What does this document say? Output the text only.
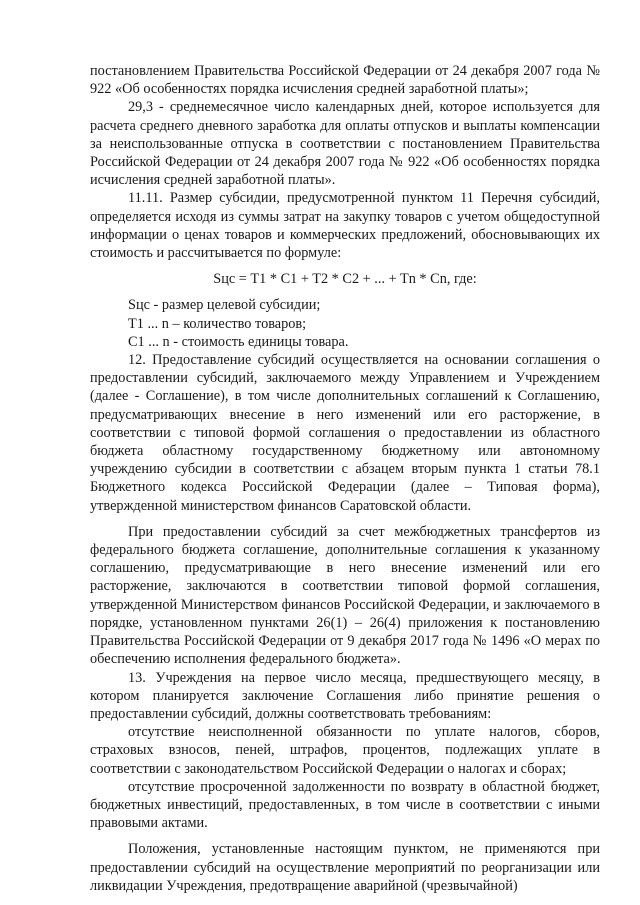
постановлением Правительства Российской Федерации от 24 декабря 2007 года № 922 «Об особенностях порядка исчисления средней заработной платы»;

29,3 - среднемесячное число календарных дней, которое используется для расчета среднего дневного заработка для оплаты отпусков и выплаты компенсации за неиспользованные отпуска в соответствии с постановлением Правительства Российской Федерации от 24 декабря 2007 года № 922 «Об особенностях порядка исчисления средней заработной платы».

11.11. Размер субсидии, предусмотренной пунктом 11 Перечня субсидий, определяется исходя из суммы затрат на закупку товаров с учетом общедоступной информации о ценах товаров и коммерческих предложений, обосновывающих их стоимость и рассчитывается по формуле:

Sцс = T1 * C1 + T2 * C2 + ... + Tn * Cn, где:

Sцс - размер целевой субсидии;

T1 ... n – количество товаров;

C1 ... n - стоимость единицы товара.

12. Предоставление субсидий осуществляется на основании соглашения о предоставлении субсидий, заключаемого между Управлением и Учреждением (далее - Соглашение), в том числе дополнительных соглашений к Соглашению, предусматривающих внесение в него изменений или его расторжение, в соответствии с типовой формой соглашения о предоставлении из областного бюджета областному государственному бюджетному или автономному учреждению субсидии в соответствии с абзацем вторым пункта 1 статьи 78.1 Бюджетного кодекса Российской Федерации (далее – Типовая форма), утвержденной министерством финансов Саратовской области.

При предоставлении субсидий за счет межбюджетных трансфертов из федерального бюджета соглашение, дополнительные соглашения к указанному соглашению, предусматривающие в него внесение изменений или его расторжение, заключаются в соответствии типовой формой соглашения, утвержденной Министерством финансов Российской Федерации, и заключаемого в порядке, установленном пунктами 26(1) – 26(4) приложения к постановлению Правительства Российской Федерации от 9 декабря 2017 года № 1496 «О мерах по обеспечению исполнения федерального бюджета».

13. Учреждения на первое число месяца, предшествующего месяцу, в котором планируется заключение Соглашения либо принятие решения о предоставлении субсидий, должны соответствовать требованиям:

отсутствие неисполненной обязанности по уплате налогов, сборов, страховых взносов, пеней, штрафов, процентов, подлежащих уплате в соответствии с законодательством Российской Федерации о налогах и сборах;

отсутствие просроченной задолженности по возврату в областной бюджет, бюджетных инвестиций, предоставленных, в том числе в соответствии с иными правовыми актами.

Положения, установленные настоящим пунктом, не применяются при предоставлении субсидий на осуществление мероприятий по реорганизации или ликвидации Учреждения, предотвращение аварийной (чрезвычайной)
